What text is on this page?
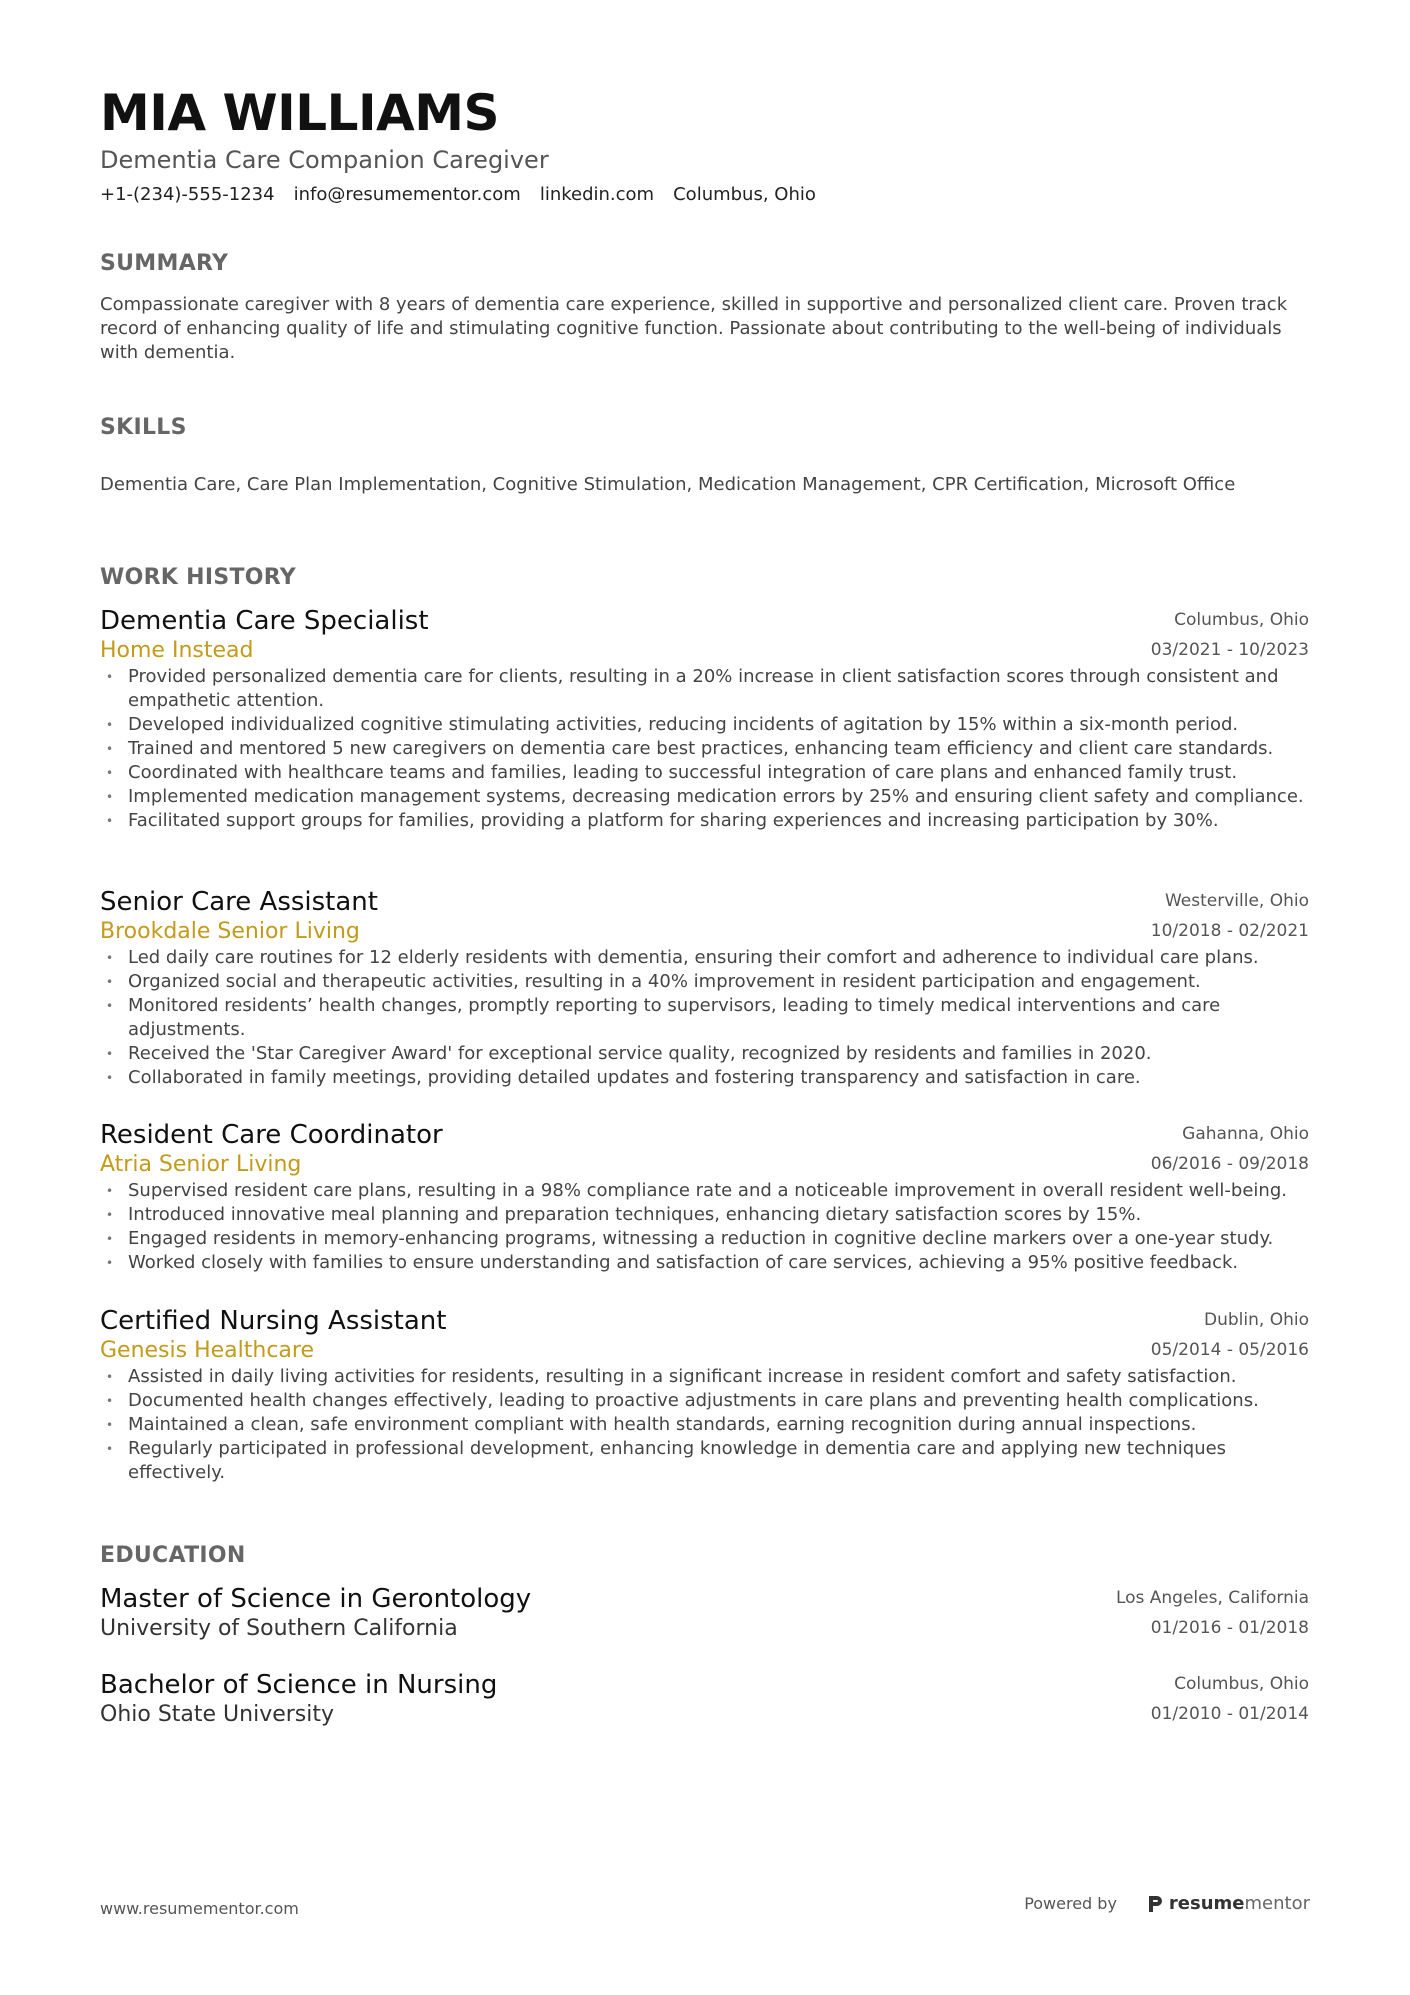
MIA WILLIAMS
Dementia Care Companion Caregiver
+1-(234)-555-1234 info@resumementor.com linkedin.com Columbus, Ohio
SUMMARY
Compassionate caregiver with 8 years of dementia care experience, skilled in supportive and personalized client care. Proven track record of enhancing quality of life and stimulating cognitive function. Passionate about contributing to the well-being of individuals with dementia.
SKILLS
Dementia Care, Care Plan Implementation, Cognitive Stimulation, Medication Management, CPR Certification, Microsoft Office
WORK HISTORY
Dementia Care Specialist
Home Instead
Columbus, Ohio
03/2021 - 10/2023
• Provided personalized dementia care for clients, resulting in a 20% increase in client satisfaction scores through consistent and empathetic attention.
• Developed individualized cognitive stimulating activities, reducing incidents of agitation by 15% within a six-month period.
• Trained and mentored 5 new caregivers on dementia care best practices, enhancing team efficiency and client care standards.
• Coordinated with healthcare teams and families, leading to successful integration of care plans and enhanced family trust.
• Implemented medication management systems, decreasing medication errors by 25% and ensuring client safety and compliance.
• Facilitated support groups for families, providing a platform for sharing experiences and increasing participation by 30%.
Senior Care Assistant
Brookdale Senior Living
Westerville, Ohio
10/2018 - 02/2021
• Led daily care routines for 12 elderly residents with dementia, ensuring their comfort and adherence to individual care plans.
• Organized social and therapeutic activities, resulting in a 40% improvement in resident participation and engagement.
• Monitored residents’ health changes, promptly reporting to supervisors, leading to timely medical interventions and care adjustments.
• Received the 'Star Caregiver Award' for exceptional service quality, recognized by residents and families in 2020.
• Collaborated in family meetings, providing detailed updates and fostering transparency and satisfaction in care.
Resident Care Coordinator
Atria Senior Living
Gahanna, Ohio
06/2016 - 09/2018
• Supervised resident care plans, resulting in a 98% compliance rate and a noticeable improvement in overall resident well-being.
• Introduced innovative meal planning and preparation techniques, enhancing dietary satisfaction scores by 15%.
• Engaged residents in memory-enhancing programs, witnessing a reduction in cognitive decline markers over a one-year study.
• Worked closely with families to ensure understanding and satisfaction of care services, achieving a 95% positive feedback.
Certified Nursing Assistant
Genesis Healthcare
Dublin, Ohio
05/2014 - 05/2016
• Assisted in daily living activities for residents, resulting in a significant increase in resident comfort and safety satisfaction.
• Documented health changes effectively, leading to proactive adjustments in care plans and preventing health complications.
• Maintained a clean, safe environment compliant with health standards, earning recognition during annual inspections.
• Regularly participated in professional development, enhancing knowledge in dementia care and applying new techniques effectively.
EDUCATION
Master of Science in Gerontology
University of Southern California
Los Angeles, California
01/2016 - 01/2018
Bachelor of Science in Nursing
Ohio State University
Columbus, Ohio
01/2010 - 01/2014
www.resumementor.com	Powered by	resumementor
